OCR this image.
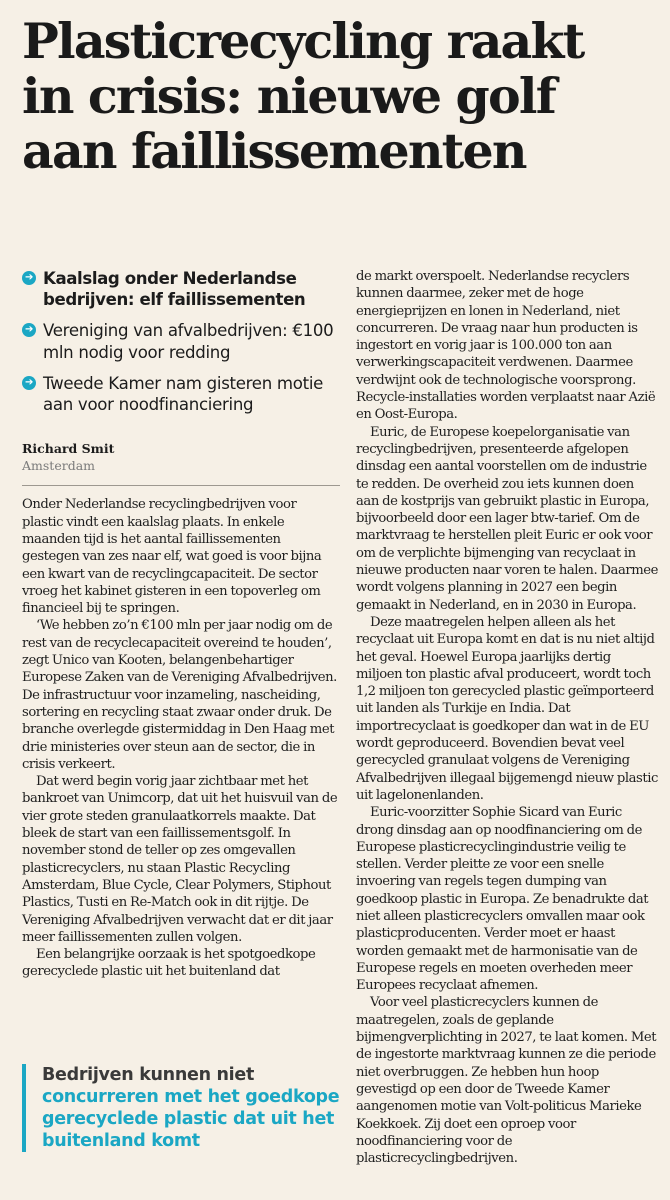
Plasticrecycling raakt
in crisis: nieuwe golf
aan faillissementen
➔ Kaalslag onder Nederlandse bedrijven: elf faillissementen
➔ Vereniging van afvalbedrijven: €100 mln nodig voor redding
➔ Tweede Kamer nam gisteren motie aan voor noodfinanciering
Richard Smit
Amsterdam

Onder Nederlandse recyclingbedrijven voor plastic vindt een kaalslag plaats. In enkele maanden tijd is het aantal faillissementen gestegen van zes naar elf, wat goed is voor bijna een kwart van de recyclingcapaciteit. De sector vroeg het kabinet gisteren in een topoverleg om financieel bij te springen.

‘We hebben zo’n €100 mln per jaar nodig om de rest van de recyclecapaciteit overeind te houden’, zegt Unico van Kooten, belangenbehartiger Europese Zaken van de Vereniging Afvalbedrijven. De infrastructuur voor inzameling, nascheiding, sortering en recycling staat zwaar onder druk. De branche overlegde gistermiddag in Den Haag met drie ministeries over steun aan de sector, die in crisis verkeert.

Dat werd begin vorig jaar zichtbaar met het bankroet van Unimcorp, dat uit het huisvuil van de vier grote steden granulaatkorrels maakte. Dat bleek de start van een faillissementsgolf. In november stond de teller op zes omgevallen plasticrecyclers, nu staan Plastic Recycling Amsterdam, Blue Cycle, Clear Polymers, Stiphout Plastics, Tusti en Re-Match ook in dit rijtje. De Vereniging Afvalbedrijven verwacht dat er dit jaar meer faillissementen zullen volgen.

Een belangrijke oorzaak is het spotgoedkope gerecyclede plastic uit het buitenland dat

Bedrijven kunnen niet
concurreren met het goedkope gerecyclede plastic dat uit het buitenland komt

de markt overspoelt. Nederlandse recyclers kunnen daarmee, zeker met de hoge energieprijzen en lonen in Nederland, niet concurreren. De vraag naar hun producten is ingestort en vorig jaar is 100.000 ton aan verwerkingscapaciteit verdwenen. Daarmee verdwijnt ook de technologische voorsprong. Recycle-installaties worden verplaatst naar Azië en Oost-Europa.

Euric, de Europese koepelorganisatie van recyclingbedrijven, presenteerde afgelopen dinsdag een aantal voorstellen om de industrie te redden. De overheid zou iets kunnen doen aan de kostprijs van gebruikt plastic in Europa, bijvoorbeeld door een lager btw-tarief. Om de marktvraag te herstellen pleit Euric er ook voor om de verplichte bijmenging van recyclaat in nieuwe producten naar voren te halen. Daarmee wordt volgens planning in 2027 een begin gemaakt in Nederland, en in 2030 in Europa.

Deze maatregelen helpen alleen als het recyclaat uit Europa komt en dat is nu niet altijd het geval. Hoewel Europa jaarlijks dertig miljoen ton plastic afval produceert, wordt toch 1,2 miljoen ton gerecycled plastic geïmporteerd uit landen als Turkije en India. Dat importrecyclaat is goedkoper dan wat in de EU wordt geproduceerd. Bovendien bevat veel gerecycled granulaat volgens de Vereniging Afvalbedrijven illegaal bijgemengd nieuw plastic uit lagelonenlanden.

Euric-voorzitter Sophie Sicard van Euric drong dinsdag aan op noodfinanciering om de Europese plasticrecyclingindustrie veilig te stellen. Verder pleitte ze voor een snelle invoering van regels tegen dumping van goedkoop plastic in Europa. Ze benadrukte dat niet alleen plasticrecyclers omvallen maar ook plasticproducenten. Verder moet er haast worden gemaakt met de harmonisatie van de Europese regels en moeten overheden meer Europees recyclaat afnemen.

Voor veel plasticrecyclers kunnen de maatregelen, zoals de geplande bijmengverplichting in 2027, te laat komen. Met de ingestorte marktvraag kunnen ze die periode niet overbruggen. Ze hebben hun hoop gevestigd op een door de Tweede Kamer aangenomen motie van Volt-politicus Marieke Koekkoek. Zij doet een oproep voor noodfinanciering voor de plasticrecyclingbedrijven.
